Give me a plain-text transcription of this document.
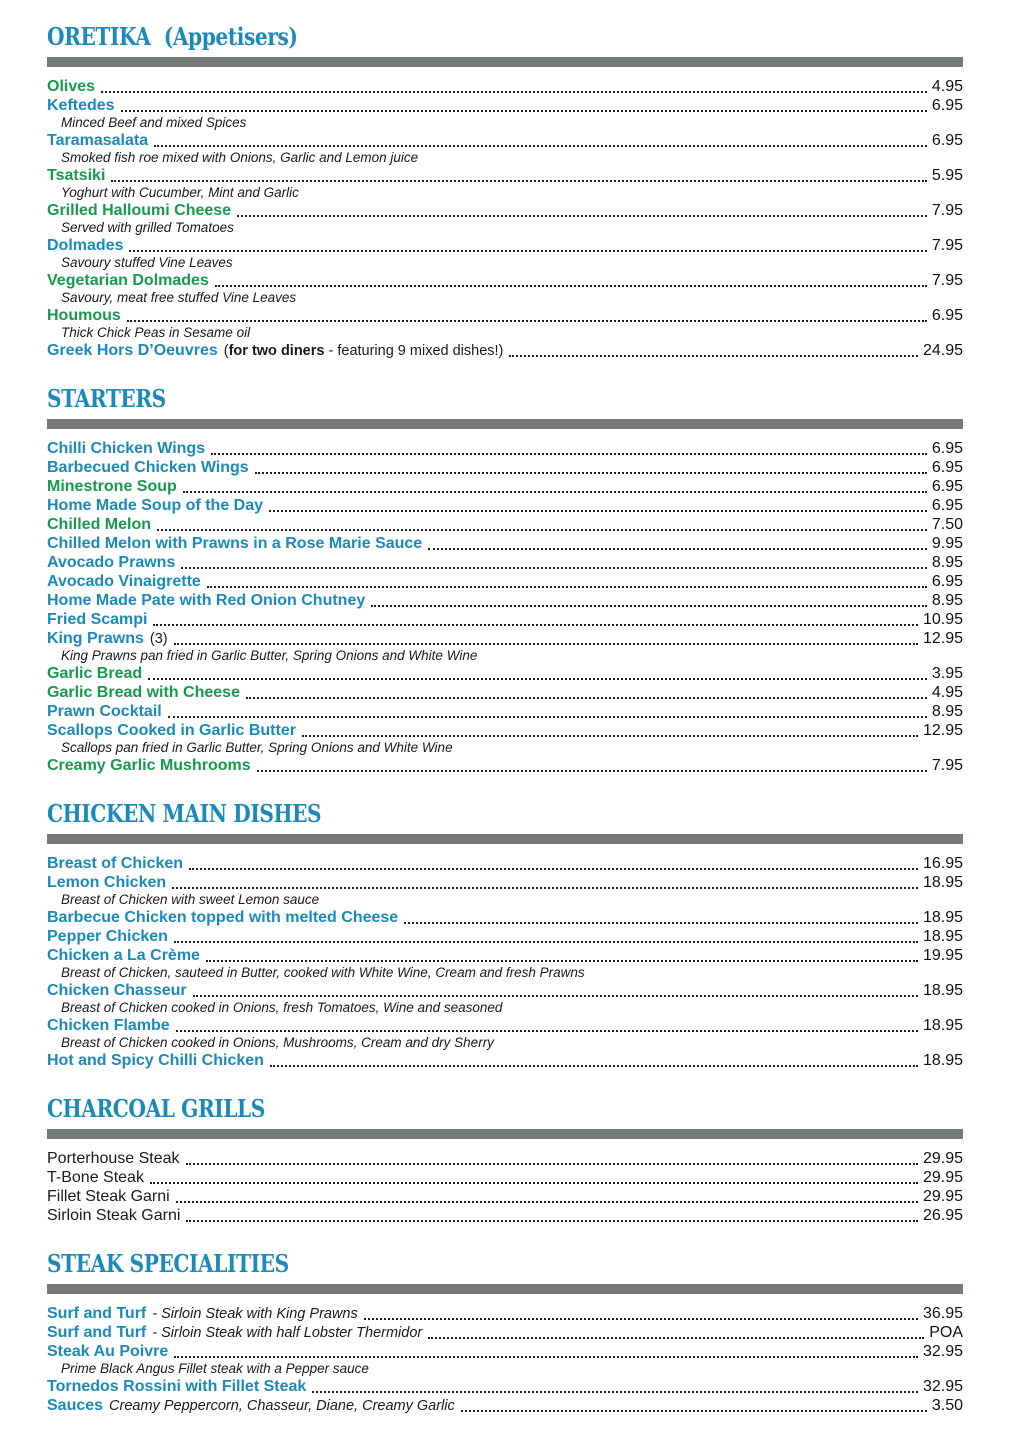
ORETIKA  (Appetisers)
Olives	4.95
Keftedes	6.95
Minced Beef and mixed Spices
Taramasalata	6.95
Smoked fish roe mixed with Onions, Garlic and Lemon juice
Tsatsiki	5.95
Yoghurt with Cucumber, Mint and Garlic
Grilled Halloumi Cheese	7.95
Served with grilled Tomatoes
Dolmades	7.95
Savoury stuffed Vine Leaves
Vegetarian Dolmades	7.95
Savoury, meat free stuffed Vine Leaves
Houmous	6.95
Thick Chick Peas in Sesame oil
Greek Hors D’Oeuvres (for two diners - featuring 9 mixed dishes!)	24.95
STARTERS
Chilli Chicken Wings	6.95
Barbecued Chicken Wings	6.95
Minestrone Soup	6.95
Home Made Soup of the Day	6.95
Chilled Melon	7.50
Chilled Melon with Prawns in a Rose Marie Sauce	9.95
Avocado Prawns	8.95
Avocado Vinaigrette	6.95
Home Made Pate with Red Onion Chutney	8.95
Fried Scampi	10.95
King Prawns (3)	12.95
King Prawns pan fried in Garlic Butter, Spring Onions and White Wine
Garlic Bread	3.95
Garlic Bread with Cheese	4.95
Prawn Cocktail	8.95
Scallops Cooked in Garlic Butter	12.95
Scallops pan fried in Garlic Butter, Spring Onions and White Wine
Creamy Garlic Mushrooms	7.95
CHICKEN MAIN DISHES
Breast of Chicken	16.95
Lemon Chicken	18.95
Breast of Chicken with sweet Lemon sauce
Barbecue Chicken topped with melted Cheese	18.95
Pepper Chicken	18.95
Chicken a La Crème	19.95
Breast of Chicken, sauteed in Butter, cooked with White Wine, Cream and fresh Prawns
Chicken Chasseur	18.95
Breast of Chicken cooked in Onions, fresh Tomatoes, Wine and seasoned
Chicken Flambe	18.95
Breast of Chicken cooked in Onions, Mushrooms, Cream and dry Sherry
Hot and Spicy Chilli Chicken	18.95
CHARCOAL GRILLS
Porterhouse Steak	29.95
T-Bone Steak	29.95
Fillet Steak Garni	29.95
Sirloin Steak Garni	26.95
STEAK SPECIALITIES
Surf and Turf - Sirloin Steak with King Prawns	36.95
Surf and Turf - Sirloin Steak with half Lobster Thermidor	POA
Steak Au Poivre	32.95
Prime Black Angus Fillet steak with a Pepper sauce
Tornedos Rossini with Fillet Steak	32.95
Sauces Creamy Peppercorn, Chasseur, Diane, Creamy Garlic	3.50
